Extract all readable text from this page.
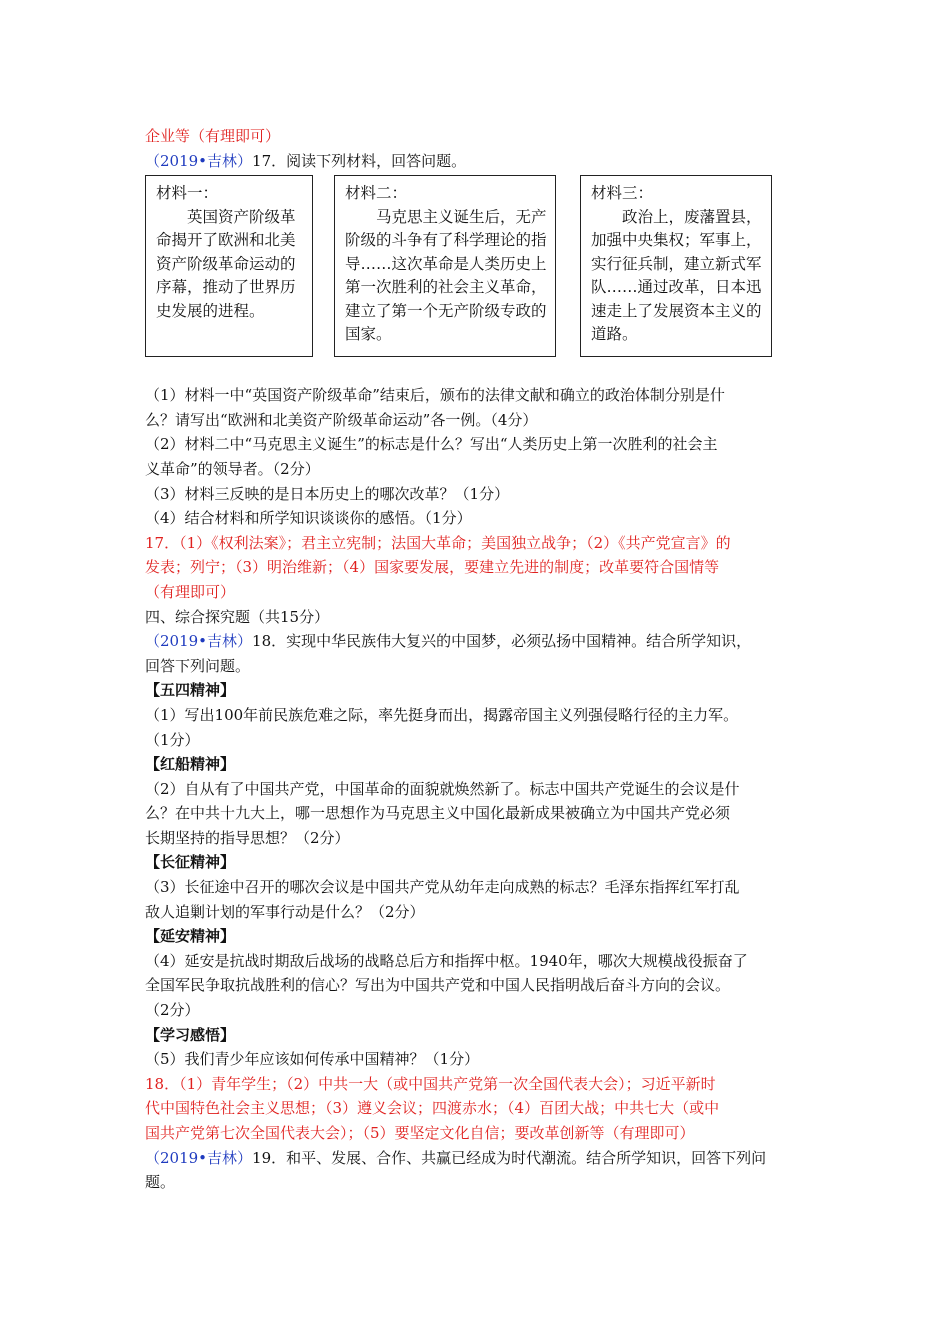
企业等（有理即可）
（2019•吉林）17．阅读下列材料，回答问题。

材料一：

英国资产阶级革命揭开了欧洲和北美资产阶级革命运动的序幕，推动了世界历史发展的进程。

材料二：

马克思主义诞生后，无产阶级的斗争有了科学理论的指导……这次革命是人类历史上第一次胜利的社会主义革命，建立了第一个无产阶级专政的国家。

材料三：

政治上，废藩置县，加强中央集权；军事上，实行征兵制，建立新式军队……通过改革，日本迅速走上了发展资本主义的道路。

（1）材料一中“英国资产阶级革命”结束后，颁布的法律文献和确立的政治体制分别是什
么？请写出“欧洲和北美资产阶级革命运动”各一例。（4分）
（2）材料二中“马克思主义诞生”的标志是什么？写出“人类历史上第一次胜利的社会主
义革命”的领导者。（2分）
（3）材料三反映的是日本历史上的哪次改革？（1分）
（4）结合材料和所学知识谈谈你的感悟。（1分）
17．（1）《权利法案》；君主立宪制；法国大革命；美国独立战争；（2）《共产党宣言》的
发表；列宁；（3）明治维新；（4）国家要发展，要建立先进的制度；改革要符合国情等
（有理即可）
四、综合探究题（共15分）
（2019•吉林）18．实现中华民族伟大复兴的中国梦，必须弘扬中国精神。结合所学知识，
回答下列问题。
【五四精神】
（1）写出100年前民族危难之际，率先挺身而出，揭露帝国主义列强侵略行径的主力军。
（1分）
【红船精神】
（2）自从有了中国共产党，中国革命的面貌就焕然新了。标志中国共产党诞生的会议是什
么？在中共十九大上，哪一思想作为马克思主义中国化最新成果被确立为中国共产党必须
长期坚持的指导思想？（2分）
【长征精神】
（3）长征途中召开的哪次会议是中国共产党从幼年走向成熟的标志？毛泽东指挥红军打乱
敌人追剿计划的军事行动是什么？（2分）
【延安精神】
（4）延安是抗战时期敌后战场的战略总后方和指挥中枢。1940年，哪次大规模战役振奋了
全国军民争取抗战胜利的信心？写出为中国共产党和中国人民指明战后奋斗方向的会议。
（2分）
【学习感悟】
（5）我们青少年应该如何传承中国精神？（1分）
18．（1）青年学生；（2）中共一大（或中国共产党第一次全国代表大会）；习近平新时
代中国特色社会主义思想；（3）遵义会议；四渡赤水；（4）百团大战；中共七大（或中
国共产党第七次全国代表大会）；（5）要坚定文化自信；要改革创新等（有理即可）
（2019•吉林）19．和平、发展、合作、共赢已经成为时代潮流。结合所学知识，回答下列问
题。
